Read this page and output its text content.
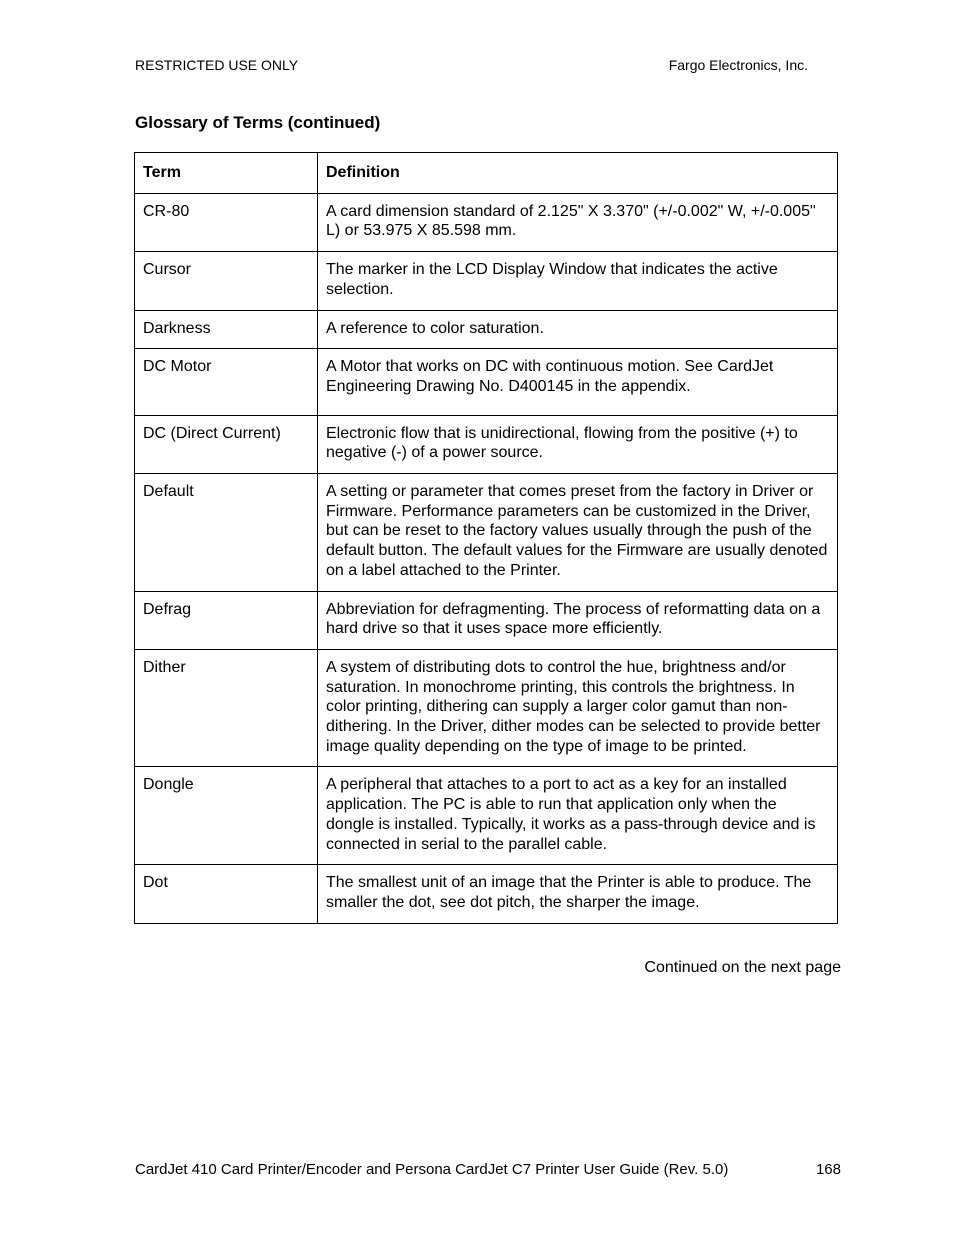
RESTRICTED USE ONLY	Fargo Electronics, Inc.
Glossary of Terms (continued)
Term	Definition
CR-80	A card dimension standard of 2.125" X 3.370" (+/-0.002" W, +/-0.005" L) or 53.975 X 85.598 mm.
Cursor	The marker in the LCD Display Window that indicates the active selection.
Darkness	A reference to color saturation.
DC Motor	A Motor that works on DC with continuous motion. See CardJet Engineering Drawing No. D400145 in the appendix.
DC (Direct Current)	Electronic flow that is unidirectional, flowing from the positive (+) to negative (-) of a power source.
Default	A setting or parameter that comes preset from the factory in Driver or Firmware. Performance parameters can be customized in the Driver, but can be reset to the factory values usually through the push of the default button. The default values for the Firmware are usually denoted on a label attached to the Printer.
Defrag	Abbreviation for defragmenting. The process of reformatting data on a hard drive so that it uses space more efficiently.
Dither	A system of distributing dots to control the hue, brightness and/or saturation. In monochrome printing, this controls the brightness. In color printing, dithering can supply a larger color gamut than non-dithering. In the Driver, dither modes can be selected to provide better image quality depending on the type of image to be printed.
Dongle	A peripheral that attaches to a port to act as a key for an installed application. The PC is able to run that application only when the dongle is installed. Typically, it works as a pass-through device and is connected in serial to the parallel cable.
Dot	The smallest unit of an image that the Printer is able to produce. The smaller the dot, see dot pitch, the sharper the image.
Continued on the next page
CardJet 410 Card Printer/Encoder and Persona CardJet C7 Printer User Guide (Rev. 5.0)	168
